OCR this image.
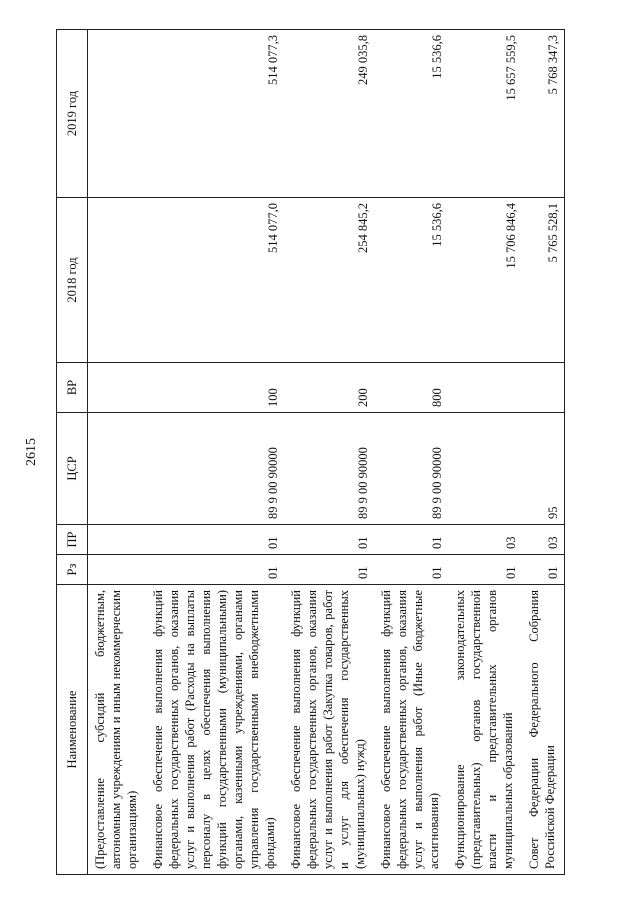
2615
Наименование	Рз	ПР	ЦСР	ВР	2018 год	2019 год
(Предоставление субсидий бюджетным, автономным учреждениям и иным некоммерческим организациям)						
Финансовое обеспечение выполнения функций федеральных государственных органов, оказания услуг и выполнения работ (Расходы на выплаты персоналу в целях обеспечения выполнения функций государственными (муниципальными) органами, казенными учреждениями, органами управления государственными внебюджетными фондами)	01	01	89 9 00 90000	100	514 077,0	514 077,3
Финансовое обеспечение выполнения функций федеральных государственных органов, оказания услуг и выполнения работ (Закупка товаров, работ и услуг для обеспечения государственных (муниципальных) нужд)	01	01	89 9 00 90000	200	254 845,2	249 035,8
Финансовое обеспечение выполнения функций федеральных государственных органов, оказания услуг и выполнения работ (Иные бюджетные ассигнования)	01	01	89 9 00 90000	800	15 536,6	15 536,6
Функционирование законодательных (представительных) органов государственной власти и представительных органов муниципальных образований	01	03			15 706 846,4	15 657 559,5
Совет Федерации Федерального Собрания Российской Федерации	01	03	95		5 765 528,1	5 768 347,3
